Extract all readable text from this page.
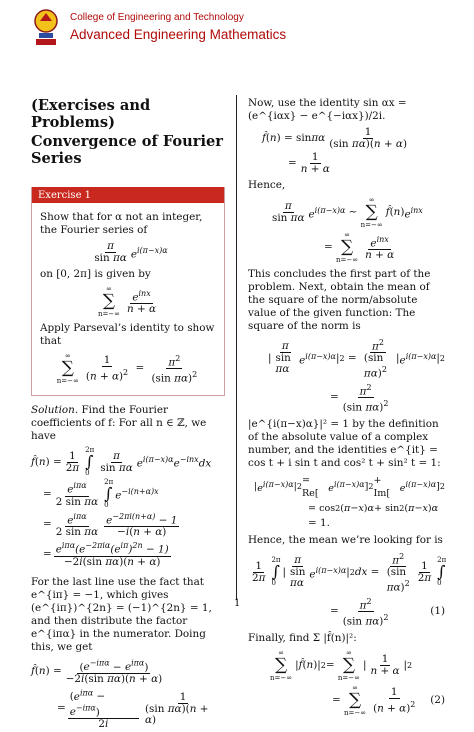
College of Engineering and Technology
Advanced Engineering Mathematics
(Exercises and Problems)
Convergence of Fourier Series
Exercise 1

Show that for α not an integer, the Fourier series of

$\frac{\pi}{\text{sin πα}} e^{i(\pi-x)\alpha}$

on [0, 2π] is given by

∞
∑
$n=-\infty \frac{e^{inx}}{n + \alpha}$

Apply Parseval’s identity to show that

∞
∑
$n=-\infty \frac{1}{(n + \alpha)^2} = \frac{\pi^2}{(\sin \pi\alpha)^2}$

Solution. Find the Fourier coefficients of f: For all n ∈ ℤ, we have

f̂ ( n ) = $\frac{1}{2\pi}$
2π
∫
$0 \frac{\pi}{\text{sin πα}} e^{i(\pi-x)\alpha}e^{-inx}dx$
= $\frac{e^{i\pi\alpha}}{\text{2 sin πα}} 2\pi$
∫
0
$e^{-i(n+\alpha)x}$
= $\frac{e^{i\pi\alpha}}{\text{2 sin πα}} \frac{e^{-2\pi i(n+\alpha)} - 1}{-i(n + \alpha)}$
= $\frac{e^{i\pi\alpha}(e^{-2\pi i\alpha}(e^{i\pi})^{2n} - 1)}{\text{−2i(sin πα)(n + α)}}$

For the last line use the fact that e^{iπ} = −1, which gives (e^{iπ})^{2n} = (−1)^{2n} = 1, and then distribute the factor e^{iπα} in the numerator. Doing this, we get

f̂ ( n ) = $\frac{(e^{-i\pi\alpha} - e^{i\pi\alpha})}{\text{−2i(sin πα)(n + α)}}$
= $\frac{(e^{i\pi\alpha} - e^{-i\pi\alpha})}{2i} \frac{1}{\text{(sin πα)(n + α)}}$

Now, use the identity sin αx = (e^{iαx} − e^{−iαx})/2i.

f̂ ( n ) = sin πα $\frac{1}{\text{(sin πα)(n + α)}}$
= $\frac{1}{n + \alpha}$

Hence,

$\frac{\pi}{\text{sin πα}} e^{i(\pi-x)\alpha}$ ∼
∞
∑
n=−∞
f̂ ( n ) $e^{inx}$
=
∞
∑
$n=-\infty \frac{e^{inx}}{n + \alpha}$

This concludes the first part of the problem. Next, obtain the mean of the square of the norm/absolute value of the given function: The square of the norm is

| $\frac{\pi}{\text{sin πα}} e^{i(\pi-x)\alpha}$ | $2 = \frac{\pi^2}{(\sin \pi\alpha)^2}$ | $e^{i(\pi-x)\alpha}$ | 2
= $\frac{\pi^2}{(\sin \pi\alpha)^2}$

|e^{i(π−x)α}|² = 1 by the definition of the absolute value of a complex number, and the identities e^{it} = cos t + i sin t and cos² t + sin² t = 1:

| $e^{i(\pi-x)\alpha}$ | 2
= Re[ $e^{i(\pi-x)\alpha}$ ] 2
+ Im[ $e^{i(\pi-x)\alpha}$ ] 2
= cos 2 ( π − x ) α + sin 2 ( π − x ) α
= 1.

Hence, the mean we’re looking for is

$\frac{1}{2\pi}$
2π
∫
0
| $\frac{\pi}{\text{sin πα}} e^{i(\pi-x)\alpha}$ | 2 dx = $\frac{\pi^2}{(\sin \pi\alpha)^2} \frac{1}{2\pi}$
2π
∫
0
= $\frac{\pi^2}{(\sin \pi\alpha)^2}$	(1)

Finally, find Σ |f̂(n)|²:

∞
∑
n=−∞
| f̂ ( n )| 2 =
∞
∑
n=−∞
| $\frac{1}{n + \alpha}$ | 2
=
∞
∑
$n=-\infty \frac{1}{(n + \alpha)^2} (2)$
1
